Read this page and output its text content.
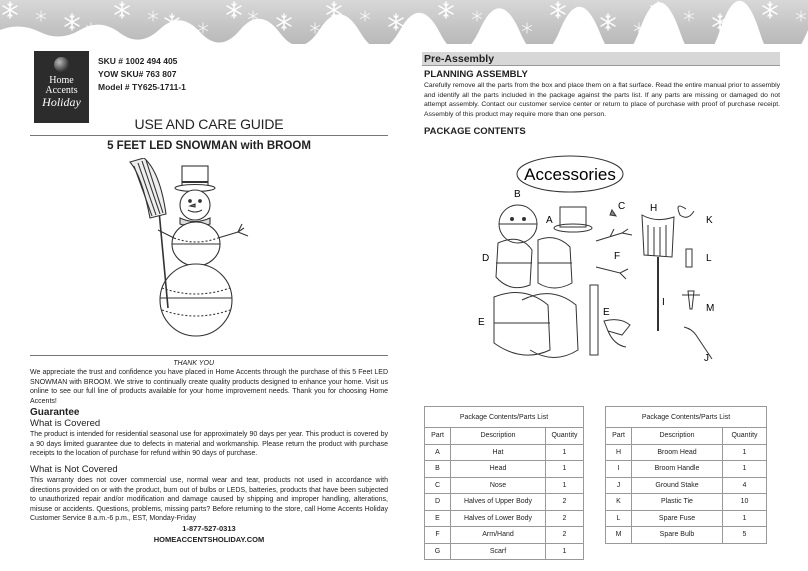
Home
Accents
Holiday
SKU # 1002 494 405
YOW SKU# 763 807
Model # TY625-1711-1
USE AND CARE GUIDE
5 FEET LED SNOWMAN with BROOM
THANK YOU
We appreciate the trust and confidence you have placed in Home Accents through the purchase of this 5 Feet LED SNOWMAN with BROOM. We strive to continually create quality products designed to enhance your home. Visit us online to see our full line of products available for your home improvement needs. Thank you for choosing Home Accents!
Guarantee
What is Covered
The product is intended for residential seasonal use for approximately 90 days per year. This product is covered by a 90 days limited guarantee due to defects in material and workmanship. Please return the product with purchase receipts to the location of purchase for refund within 90 days of purchase.
What is Not Covered
This warranty does not cover commercial use, normal wear and tear, products not used in accordance with directions provided on or with the product, burn out of bulbs or LEDS, batteries, products that have been subjected to unauthorized repair and/or modification and damage caused by shipping and improper handling, alterations, misuse or accidents. Questions, problems, missing parts? Before returning to the store, call Home Accents Holiday Customer Service 8 a.m.-6 p.m., EST, Monday-Friday
1-877-527-0313
HOMEACCENTSHOLIDAY.COM
Pre-Assembly
PLANNING ASSEMBLY
Carefully remove all the parts from the box and place them on a flat surface. Read the entire manual prior to assembly and identify all the parts included in the package against the parts list. If any parts are missing or damaged do not attempt assembly. Contact our customer service center or return to place of purchase with proof of purchase receipt. Assembly of this product may require more than one person.
PACKAGE CONTENTS
Accessories
B
A
C
D
E
E
F
H
I
J
K
L
M
Package Contents/Parts List		
Part	Description	Quantity
A	Hat	1
B	Head	1
C	Nose	1
D	Halves of Upper Body	2
E	Halves of Lower Body	2
F	Arm/Hand	2
G	Scarf	1
Package Contents/Parts List		
Part	Description	Quantity
H	Broom Head	1
I	Broom Handle	1
J	Ground Stake	4
K	Plastic Tie	10
L	Spare Fuse	1
M	Spare Bulb	5
